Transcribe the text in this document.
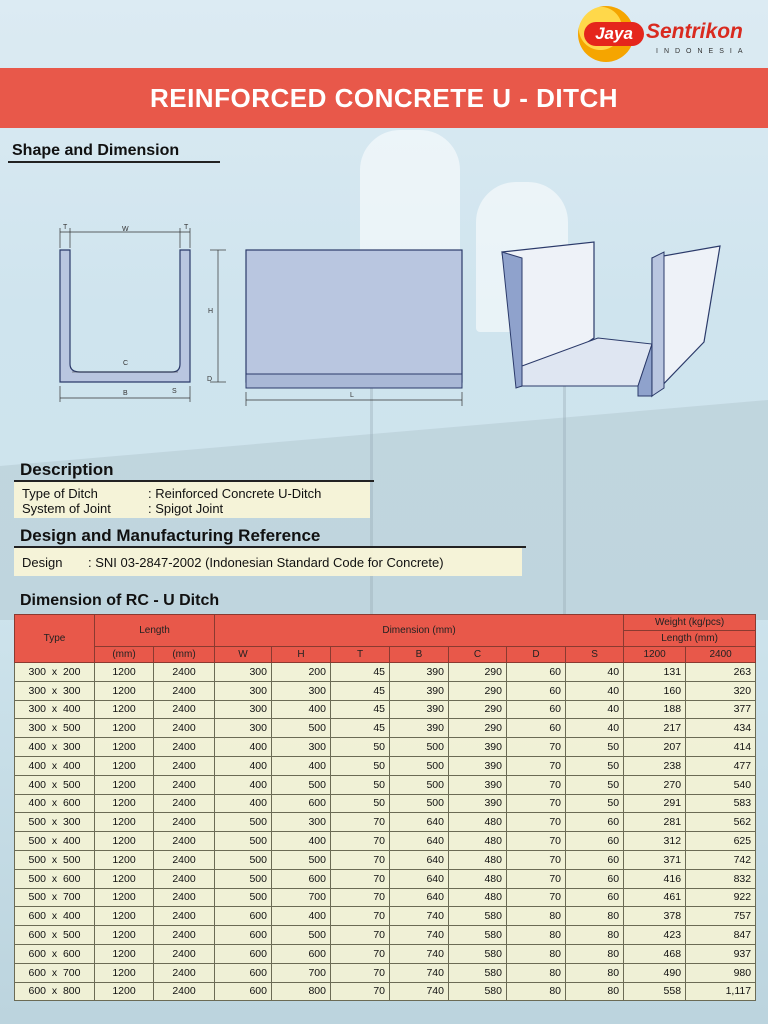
Jaya Sentrikon
INDONESIA
REINFORCED CONCRETE U - DITCH
Shape and Dimension
T	W	T
H
C
D
B	S
L
Description
Type of Ditch	: Reinforced Concrete U-Ditch
System of Joint	: Spigot Joint
Design and Manufacturing Reference
Design : SNI 03-2847-2002 (Indonesian Standard Code for Concrete)
Dimension of RC - U Ditch
Type	Length		Dimension (mm)							Weight (kg/pcs)	
										Length (mm)	
	(mm)	(mm)	W	H	T	B	C	D	S	1200	2400
300  x  200	1200	2400	300	200	45	390	290	60	40	131	263
300  x  300	1200	2400	300	300	45	390	290	60	40	160	320
300  x  400	1200	2400	300	400	45	390	290	60	40	188	377
300  x  500	1200	2400	300	500	45	390	290	60	40	217	434
400  x  300	1200	2400	400	300	50	500	390	70	50	207	414
400  x  400	1200	2400	400	400	50	500	390	70	50	238	477
400  x  500	1200	2400	400	500	50	500	390	70	50	270	540
400  x  600	1200	2400	400	600	50	500	390	70	50	291	583
500  x  300	1200	2400	500	300	70	640	480	70	60	281	562
500  x  400	1200	2400	500	400	70	640	480	70	60	312	625
500  x  500	1200	2400	500	500	70	640	480	70	60	371	742
500  x  600	1200	2400	500	600	70	640	480	70	60	416	832
500  x  700	1200	2400	500	700	70	640	480	70	60	461	922
600  x  400	1200	2400	600	400	70	740	580	80	80	378	757
600  x  500	1200	2400	600	500	70	740	580	80	80	423	847
600  x  600	1200	2400	600	600	70	740	580	80	80	468	937
600  x  700	1200	2400	600	700	70	740	580	80	80	490	980
600  x  800	1200	2400	600	800	70	740	580	80	80	558	1,117
